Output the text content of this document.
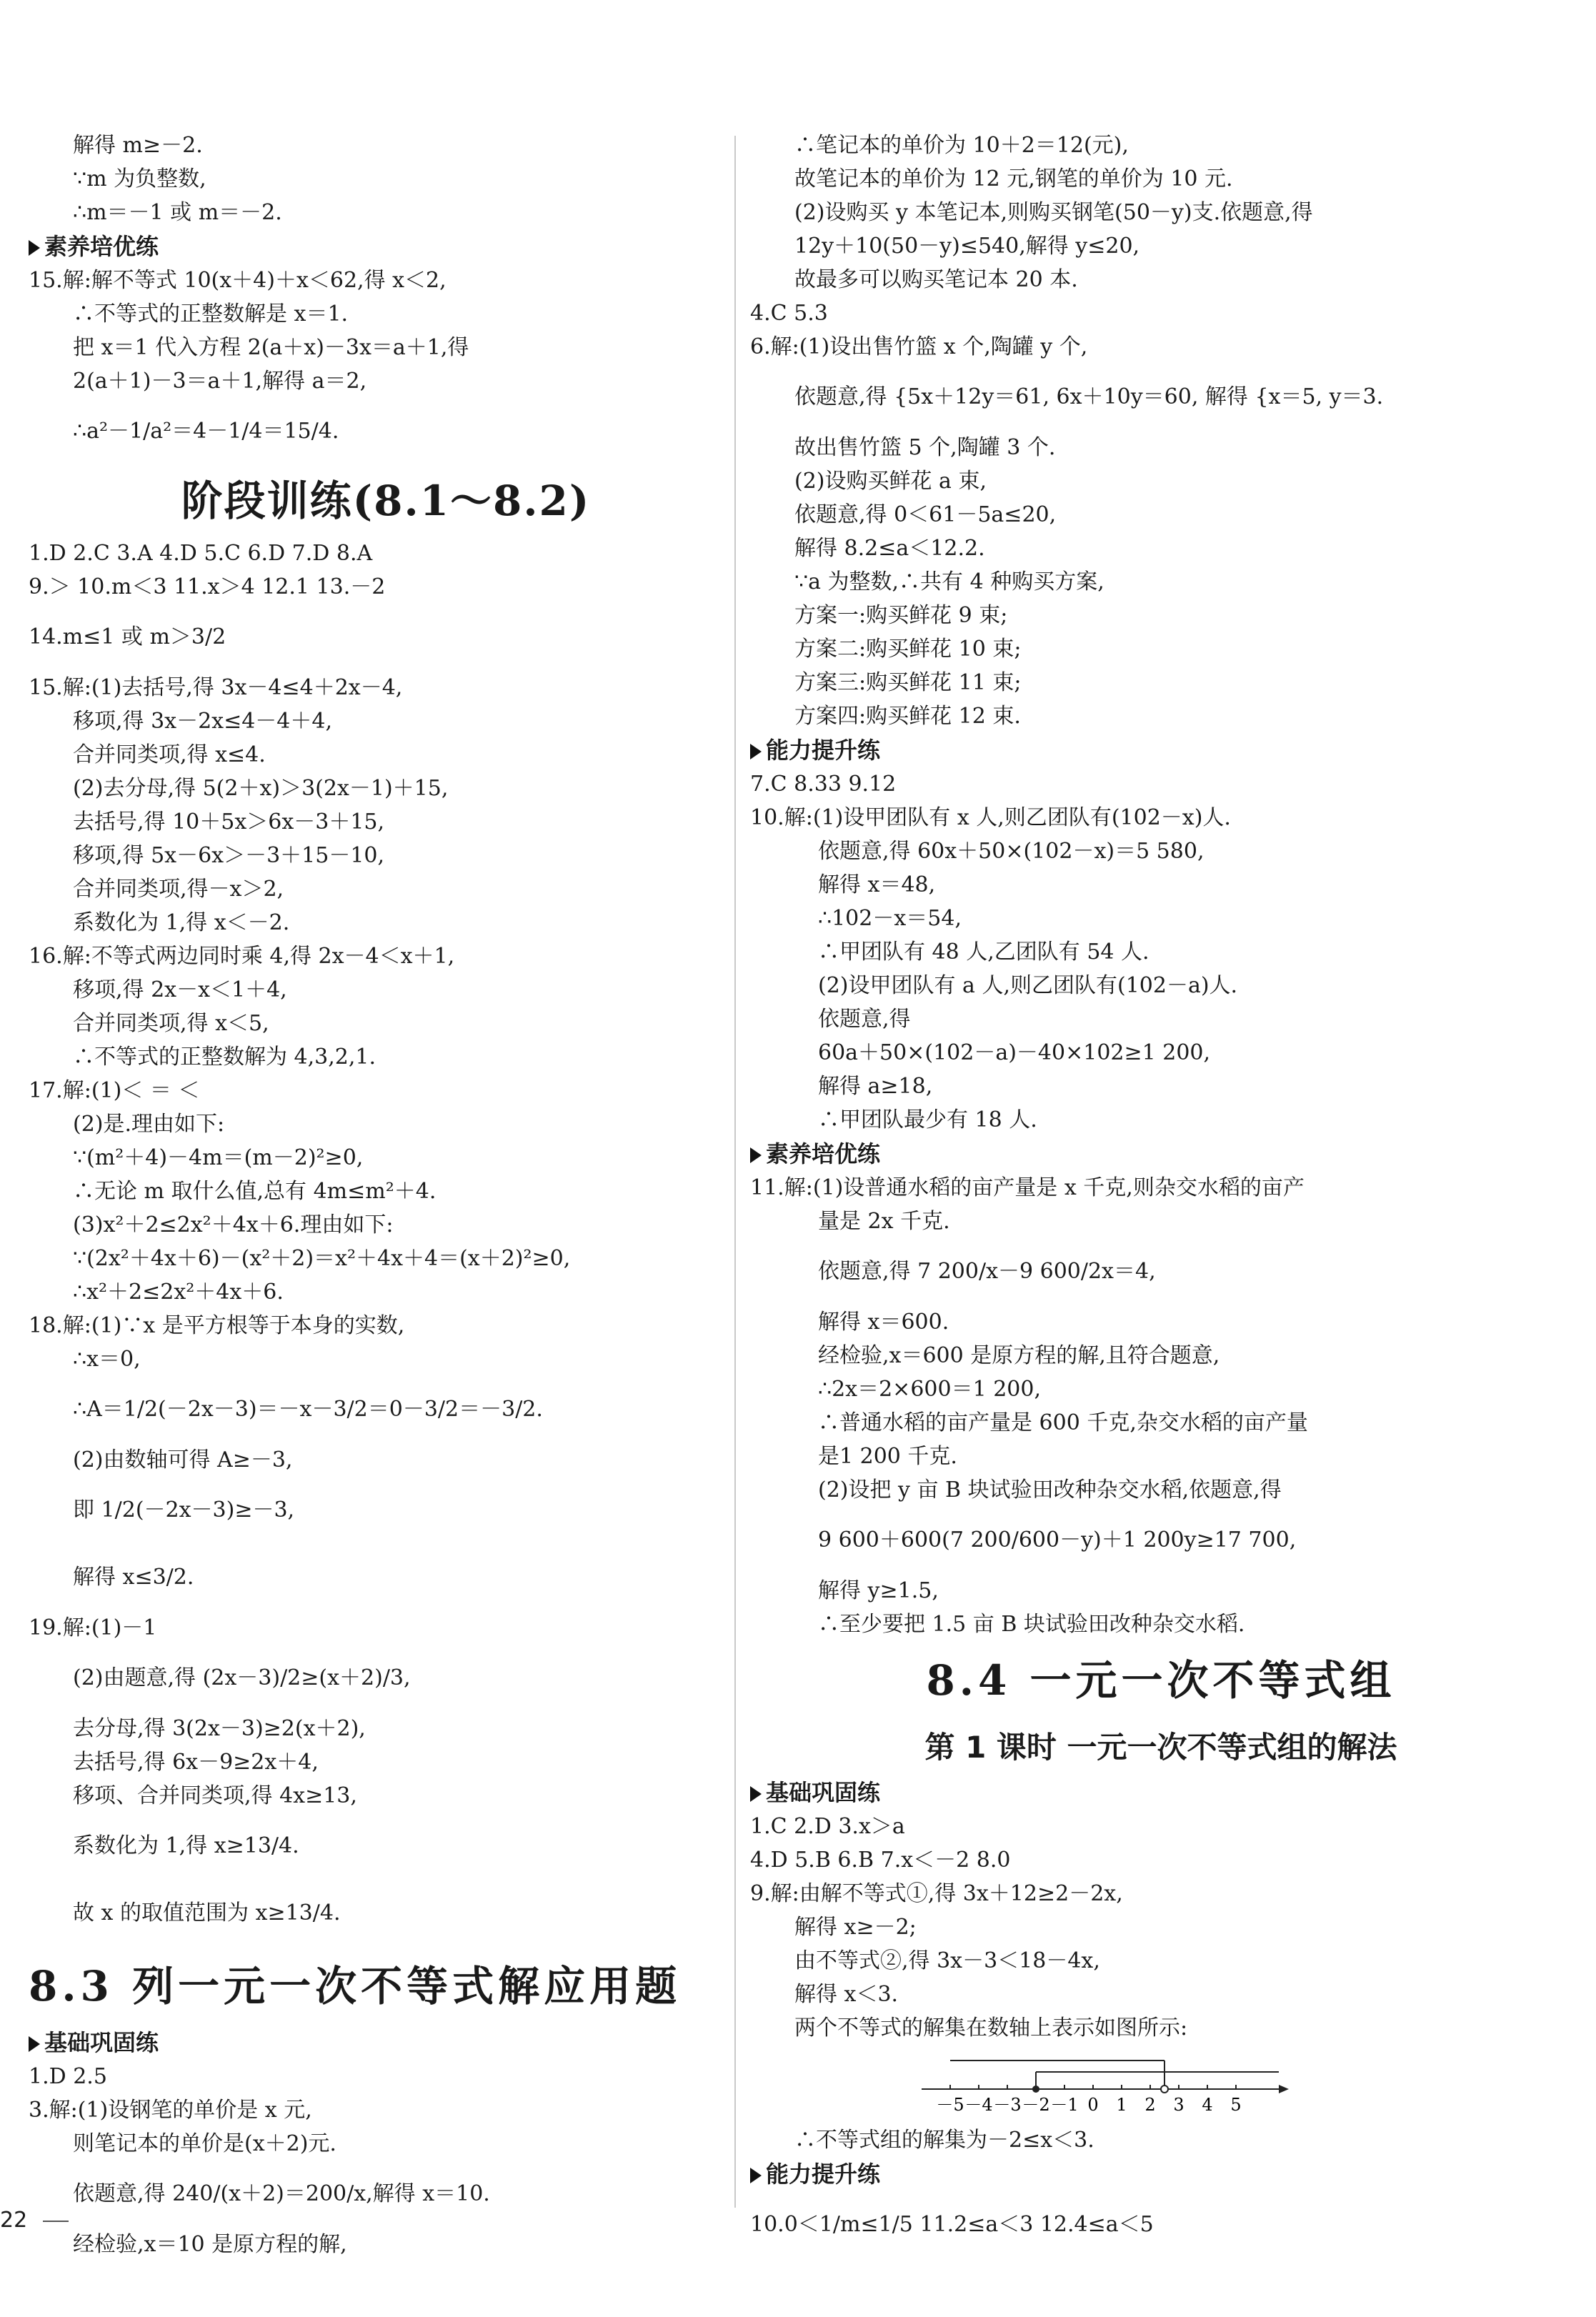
解得 m≥－2.
∵m 为负整数,
∴m＝－1 或 m＝－2.
素养培优练
15.解:解不等式 10(x＋4)＋x＜62,得 x＜2,
∴不等式的正整数解是 x＝1.
把 x＝1 代入方程 2(a＋x)－3x＝a＋1,得
2(a＋1)－3＝a＋1,解得 a＝2,
∴a²－1/a²＝4－1/4＝15/4.
阶段训练(8.1～8.2)
1.D 2.C 3.A 4.D 5.C 6.D 7.D 8.A
9.＞ 10.m＜3 11.x＞4 12.1 13.－2
14.m≤1 或 m＞3/2
15.解:(1)去括号,得 3x－4≤4＋2x－4,
移项,得 3x－2x≤4－4＋4,
合并同类项,得 x≤4.
(2)去分母,得 5(2＋x)＞3(2x－1)＋15,
去括号,得 10＋5x＞6x－3＋15,
移项,得 5x－6x＞－3＋15－10,
合并同类项,得－x＞2,
系数化为 1,得 x＜－2.
16.解:不等式两边同时乘 4,得 2x－4＜x＋1,
移项,得 2x－x＜1＋4,
合并同类项,得 x＜5,
∴不等式的正整数解为 4,3,2,1.
17.解:(1)＜ ＝ ＜
(2)是.理由如下:
∵(m²＋4)－4m＝(m－2)²≥0,
∴无论 m 取什么值,总有 4m≤m²＋4.
(3)x²＋2≤2x²＋4x＋6.理由如下:
∵(2x²＋4x＋6)－(x²＋2)＝x²＋4x＋4＝(x＋2)²≥0,
∴x²＋2≤2x²＋4x＋6.
18.解:(1)∵x 是平方根等于本身的实数,
∴x＝0,
∴A＝1/2(－2x－3)＝－x－3/2＝0－3/2＝－3/2.
(2)由数轴可得 A≥－3,
即 1/2(－2x－3)≥－3,
解得 x≤3/2.
19.解:(1)－1
(2)由题意,得 (2x－3)/2≥(x＋2)/3,
去分母,得 3(2x－3)≥2(x＋2),
去括号,得 6x－9≥2x＋4,
移项、合并同类项,得 4x≥13,
系数化为 1,得 x≥13/4.
故 x 的取值范围为 x≥13/4.
8.3 列一元一次不等式解应用题
基础巩固练
1.D 2.5
3.解:(1)设钢笔的单价是 x 元,
则笔记本的单价是(x＋2)元.
依题意,得 240/(x＋2)＝200/x,解得 x＝10.
经检验,x＝10 是原方程的解,
∴笔记本的单价为 10＋2＝12(元),
故笔记本的单价为 12 元,钢笔的单价为 10 元.
(2)设购买 y 本笔记本,则购买钢笔(50－y)支.依题意,得
12y＋10(50－y)≤540,解得 y≤20,
故最多可以购买笔记本 20 本.
4.C 5.3
6.解:(1)设出售竹篮 x 个,陶罐 y 个,
依题意,得 {5x＋12y＝61, 6x＋10y＝60, 解得 {x＝5, y＝3.
故出售竹篮 5 个,陶罐 3 个.
(2)设购买鲜花 a 束,
依题意,得 0＜61－5a≤20,
解得 8.2≤a＜12.2.
∵a 为整数,∴共有 4 种购买方案,
方案一:购买鲜花 9 束;
方案二:购买鲜花 10 束;
方案三:购买鲜花 11 束;
方案四:购买鲜花 12 束.
能力提升练
7.C 8.33 9.12
10.解:(1)设甲团队有 x 人,则乙团队有(102－x)人.
依题意,得 60x＋50×(102－x)＝5 580,
解得 x＝48,
∴102－x＝54,
∴甲团队有 48 人,乙团队有 54 人.
(2)设甲团队有 a 人,则乙团队有(102－a)人.
依题意,得
60a＋50×(102－a)－40×102≥1 200,
解得 a≥18,
∴甲团队最少有 18 人.
素养培优练
11.解:(1)设普通水稻的亩产量是 x 千克,则杂交水稻的亩产
量是 2x 千克.
依题意,得 7 200/x－9 600/2x＝4,
解得 x＝600.
经检验,x＝600 是原方程的解,且符合题意,
∴2x＝2×600＝1 200,
∴普通水稻的亩产量是 600 千克,杂交水稻的亩产量
是1 200 千克.
(2)设把 y 亩 B 块试验田改种杂交水稻,依题意,得
9 600＋600(7 200/600－y)＋1 200y≥17 700,
解得 y≥1.5,
∴至少要把 1.5 亩 B 块试验田改种杂交水稻.
8.4 一元一次不等式组
第 1 课时 一元一次不等式组的解法
基础巩固练
1.C 2.D 3.x＞a
4.D 5.B 6.B 7.x＜－2 8.0
9.解:由解不等式①,得 3x＋12≥2－2x,
解得 x≥－2;
由不等式②,得 3x－3＜18－4x,
解得 x＜3.
两个不等式的解集在数轴上表示如图所示:
－5 －4 －3 －2 －1 0 1 2 3 4 5
∴不等式组的解集为－2≤x＜3.
能力提升练
10.0＜1/m≤1/5 11.2≤a＜3 12.4≤a＜5
22
